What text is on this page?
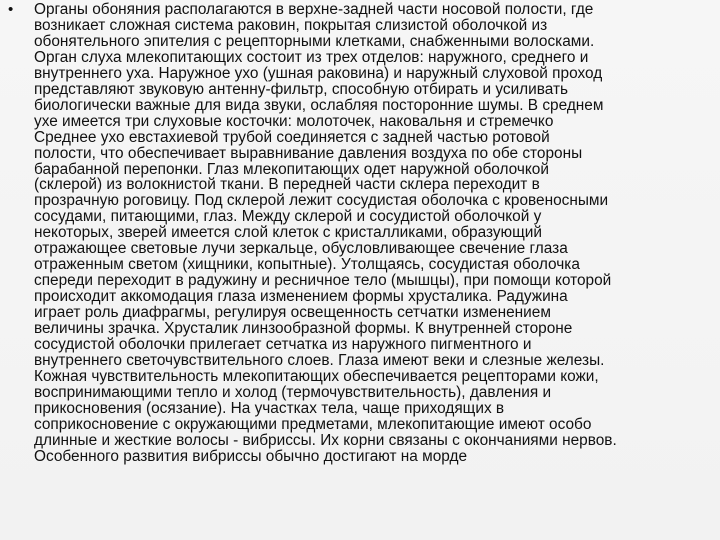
• Органы обоняния располагаются в верхне-задней части носовой полости, где
возникает сложная система раковин, покрытая слизистой оболочкой из
обонятельного эпителия с рецепторными клетками, снабженными волосками.
Орган слуха млекопитающих состоит из трех отделов: наружного, среднего и
внутреннего уха. Наружное ухо (ушная раковина) и наружный слуховой проход
представляют звуковую антенну-фильтр, способную отбирать и усиливать
биологически важные для вида звуки, ослабляя посторонние шумы. В среднем
ухе имеется три слуховые косточки: молоточек, наковальня и стремечко
Среднее ухо евстахиевой трубой соединяется с задней частью ротовой
полости, что обеспечивает выравнивание давления воздуха по обе стороны
барабанной перепонки. Глаз млекопитающих одет наружной оболочкой
(склерой) из волокнистой ткани. В передней части склера переходит в
прозрачную роговицу. Под склерой лежит сосудистая оболочка с кровеносными
сосудами, питающими, глаз. Между склерой и сосудистой оболочкой у
некоторых, зверей имеется слой клеток с кристалликами, образующий
отражающее световые лучи зеркальце, обусловливающее свечение глаза
отраженным светом (хищники, копытные). Утолщаясь, сосудистая оболочка
спереди переходит в радужину и ресничное тело (мышцы), при помощи которой
происходит аккомодация глаза изменением формы хрусталика. Радужина
играет роль диафрагмы, регулируя освещенность сетчатки изменением
величины зрачка. Хрусталик линзообразной формы. К внутренней стороне
сосудистой оболочки прилегает сетчатка из наружного пигментного и
внутреннего светочувствительного слоев. Глаза имеют веки и слезные железы.
Кожная чувствительность млекопитающих обеспечивается рецепторами кожи,
воспринимающими тепло и холод (термочувствительность), давления и
прикосновения (осязание). На участках тела, чаще приходящих в
соприкосновение с окружающими предметами, млекопитающие имеют особо
длинные и жесткие волосы - вибриссы. Их корни связаны с окончаниями нервов.
Особенного развития вибриссы обычно достигают на морде
